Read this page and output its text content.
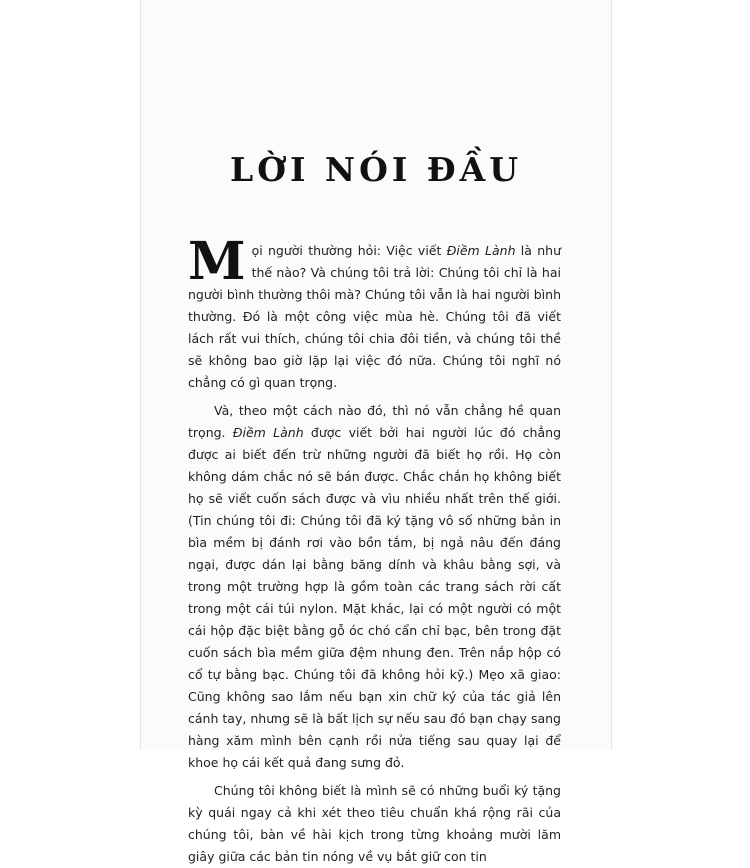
LỜI NÓI ĐẦU

Mọi người thường hỏi: Việc viết Điềm Lành là như thế nào? Và chúng tôi trả lời: Chúng tôi chỉ là hai người bình thường thôi mà? Chúng tôi vẫn là hai người bình thường. Đó là một công việc mùa hè. Chúng tôi đã viết lách rất vui thích, chúng tôi chia đôi tiền, và chúng tôi thề sẽ không bao giờ lặp lại việc đó nữa. Chúng tôi nghĩ nó chẳng có gì quan trọng.

Và, theo một cách nào đó, thì nó vẫn chẳng hề quan trọng. Điềm Lành được viết bởi hai người lúc đó chẳng được ai biết đến trừ những người đã biết họ rồi. Họ còn không dám chắc nó sẽ bán được. Chắc chắn họ không biết họ sẽ viết cuốn sách được và vìu nhiều nhất trên thế giới. (Tin chúng tôi đi: Chúng tôi đã ký tặng vô số những bản in bìa mềm bị đánh rơi vào bồn tắm, bị ngả nâu đến đáng ngại, được dán lại bằng băng dính và khâu bằng sợi, và trong một trường hợp là gồm toàn các trang sách rời cất trong một cái túi nylon. Mặt khác, lại có một người có một cái hộp đặc biệt bằng gỗ óc chó cẩn chỉ bạc, bên trong đặt cuốn sách bìa mềm giữa đệm nhung đen. Trên nắp hộp có cổ tự bằng bạc. Chúng tôi đã không hỏi kỹ.) Mẹo xã giao: Cũng không sao lắm nếu bạn xin chữ ký của tác giả lên cánh tay, nhưng sẽ là bất lịch sự nếu sau đó bạn chạy sang hàng xăm mình bên cạnh rồi nửa tiếng sau quay lại để khoe họ cái kết quả đang sưng đỏ.

Chúng tôi không biết là mình sẽ có những buổi ký tặng kỳ quái ngay cả khi xét theo tiêu chuẩn khá rộng rãi của chúng tôi, bàn về hài kịch trong từng khoảng mười lăm giây giữa các bản tin nóng về vụ bắt giữ con tin
